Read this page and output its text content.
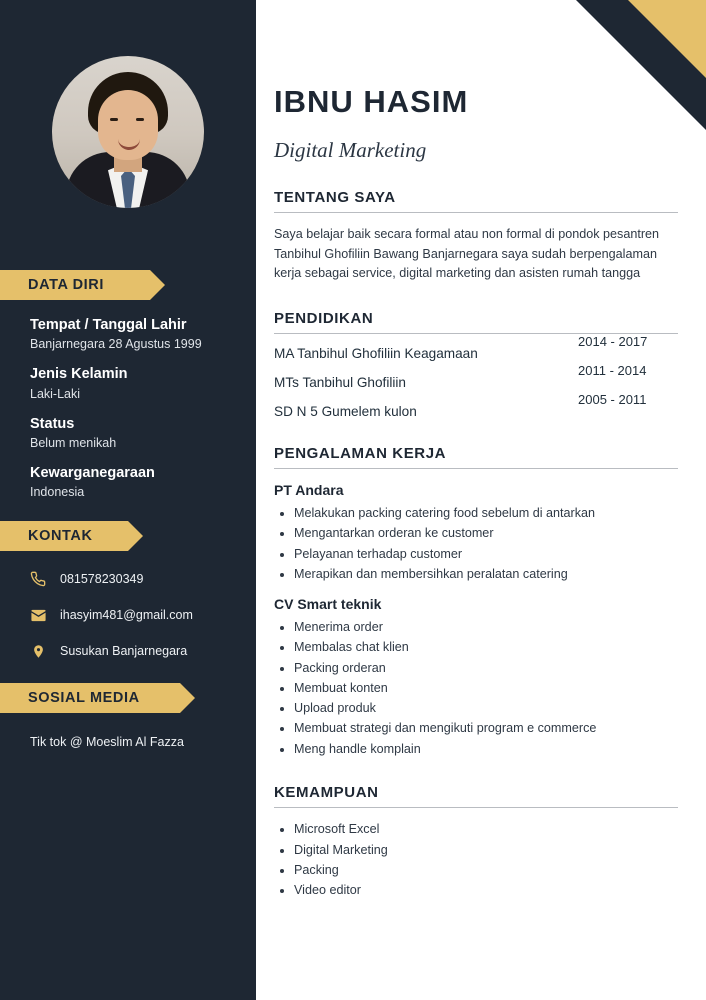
DATA DIRI
Tempat / Tanggal Lahir
Banjarnegara 28 Agustus 1999
Jenis Kelamin
Laki-Laki
Status
Belum menikah
Kewarganegaraan
Indonesia
KONTAK
081578230349
ihasyim481@gmail.com
Susukan Banjarnegara
SOSIAL MEDIA
Tik tok @ Moeslim Al Fazza
IBNU HASIM
Digital Marketing
TENTANG SAYA

Saya belajar baik secara formal atau non formal di pondok pesantren Tanbihul Ghofiliin Bawang Banjarnegara saya sudah berpengalaman kerja sebagai service, digital marketing dan asisten rumah tangga

PENDIDIKAN
MA Tanbihul Ghofiliin Keagamaan
2014 - 2017
MTs Tanbihul Ghofiliin
2011 - 2014
SD N 5 Gumelem kulon
2005 - 2011
PENGALAMAN KERJA
PT Andara
• Melakukan packing catering food sebelum di antarkan
• Mengantarkan orderan ke customer
• Pelayanan terhadap customer
• Merapikan dan membersihkan peralatan catering
CV Smart teknik
• Menerima order
• Membalas chat klien
• Packing orderan
• Membuat konten
• Upload produk
• Membuat strategi dan mengikuti program e commerce
• Meng handle komplain
KEMAMPUAN
• Microsoft Excel
• Digital Marketing
• Packing
• Video editor
